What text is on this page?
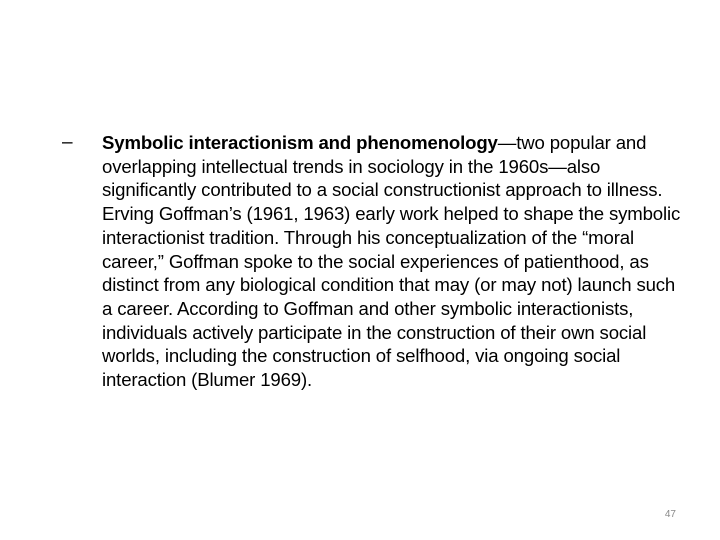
– Symbolic interactionism and phenomenology—two popular and overlapping intellectual trends in sociology in the 1960s—also significantly contributed to a social constructionist approach to illness. Erving Goffman’s (1961, 1963) early work helped to shape the symbolic interactionist tradition. Through his conceptualization of the “moral career,” Goffman spoke to the social experiences of patienthood, as distinct from any biological condition that may (or may not) launch such a career. According to Goffman and other symbolic interactionists, individuals actively participate in the construction of their own social worlds, including the construction of selfhood, via ongoing social interaction (Blumer 1969).
47
